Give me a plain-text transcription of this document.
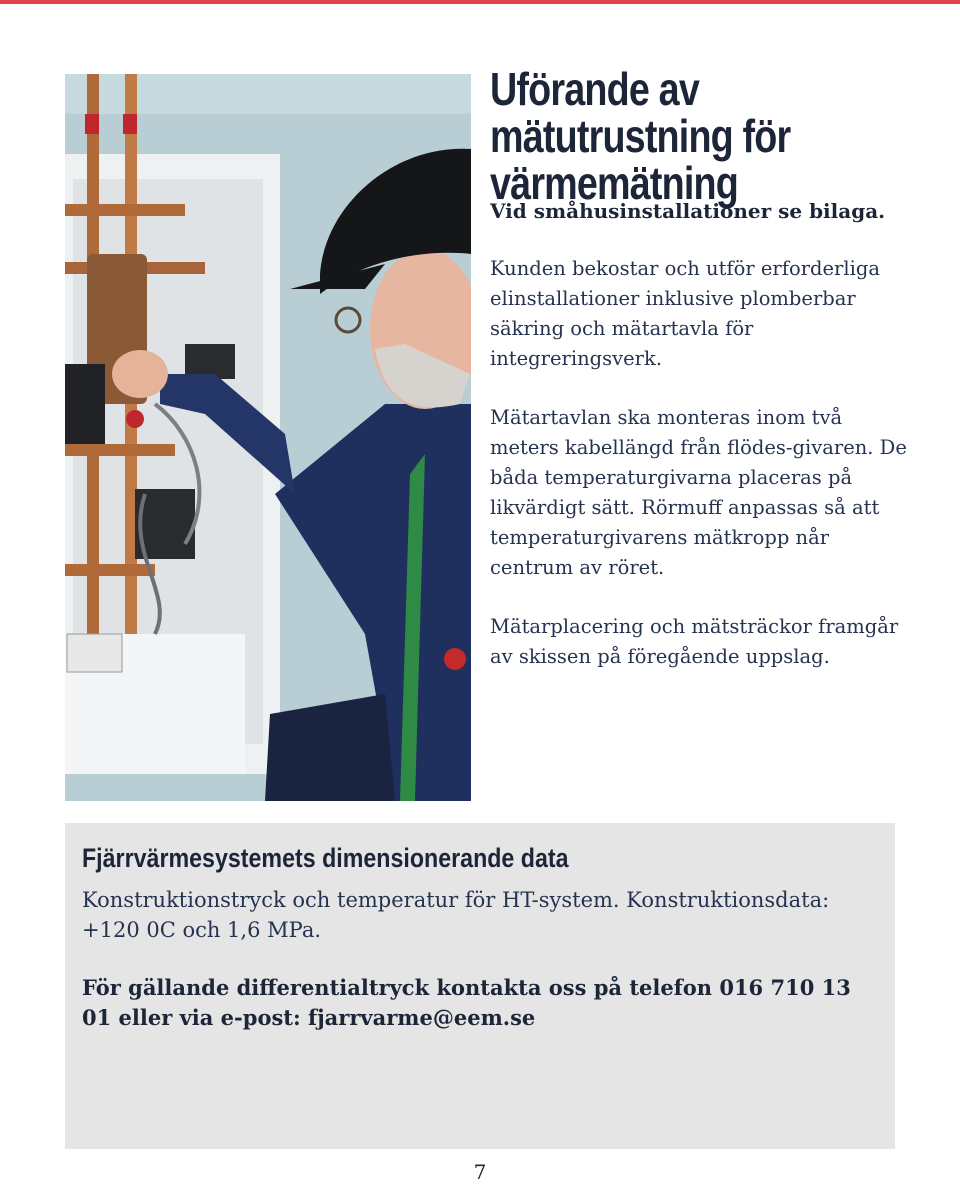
Uförande av mätutrustning för värmemätning

Vid småhusinstallationer se bilaga.

Kunden bekostar och utför erforderliga elinstallationer inklusive plomberbar säkring och mätartavla för integreringsverk.

Mätartavlan ska monteras inom två meters kabellängd från flödes-givaren. De båda temperaturgivarna placeras på likvärdigt sätt. Rörmuff anpassas så att temperaturgivarens mätkropp når centrum av röret.

Mätarplacering och mätsträckor framgår av skissen på föregående uppslag.

Fjärrvärmesystemets dimensionerande data

Konstruktionstryck och temperatur för HT-system. Konstruktionsdata: +120 0C och 1,6 MPa.

För gällande differentialtryck kontakta oss på telefon 016 710 13 01 eller via e-post: fjarrvarme@eem.se

7
